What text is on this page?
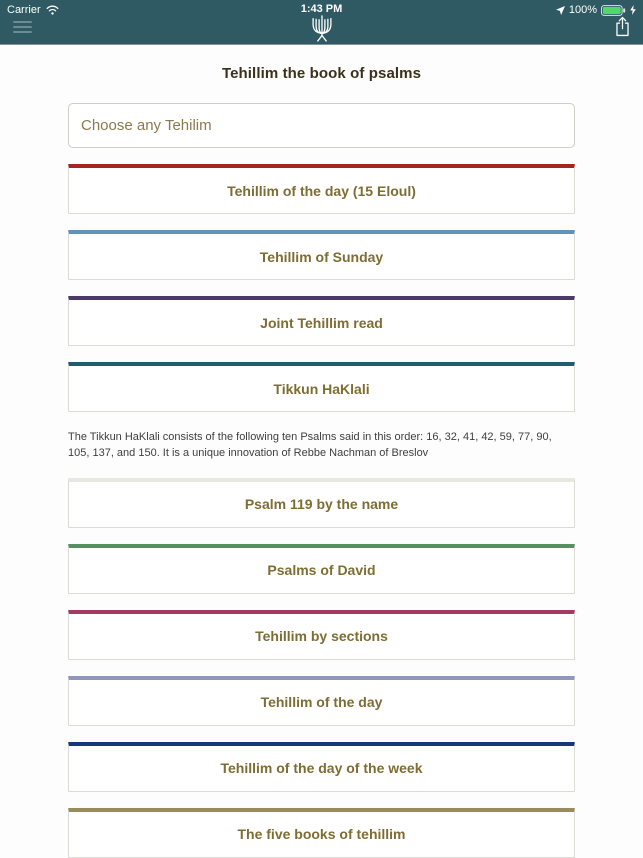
Carrier	1:43 PM	100%
Tehillim the book of psalms
Choose any Tehilim
Tehillim of the day (15 Eloul)
Tehillim of Sunday
Joint Tehillim read
Tikkun HaKlali

The Tikkun HaKlali consists of the following ten Psalms said in this order: 16, 32, 41, 42, 59, 77, 90, 105, 137, and 150. It is a unique innovation of Rebbe Nachman of Breslov

Psalm 119 by the name
Psalms of David
Tehillim by sections
Tehillim of the day
Tehillim of the day of the week
The five books of tehillim
